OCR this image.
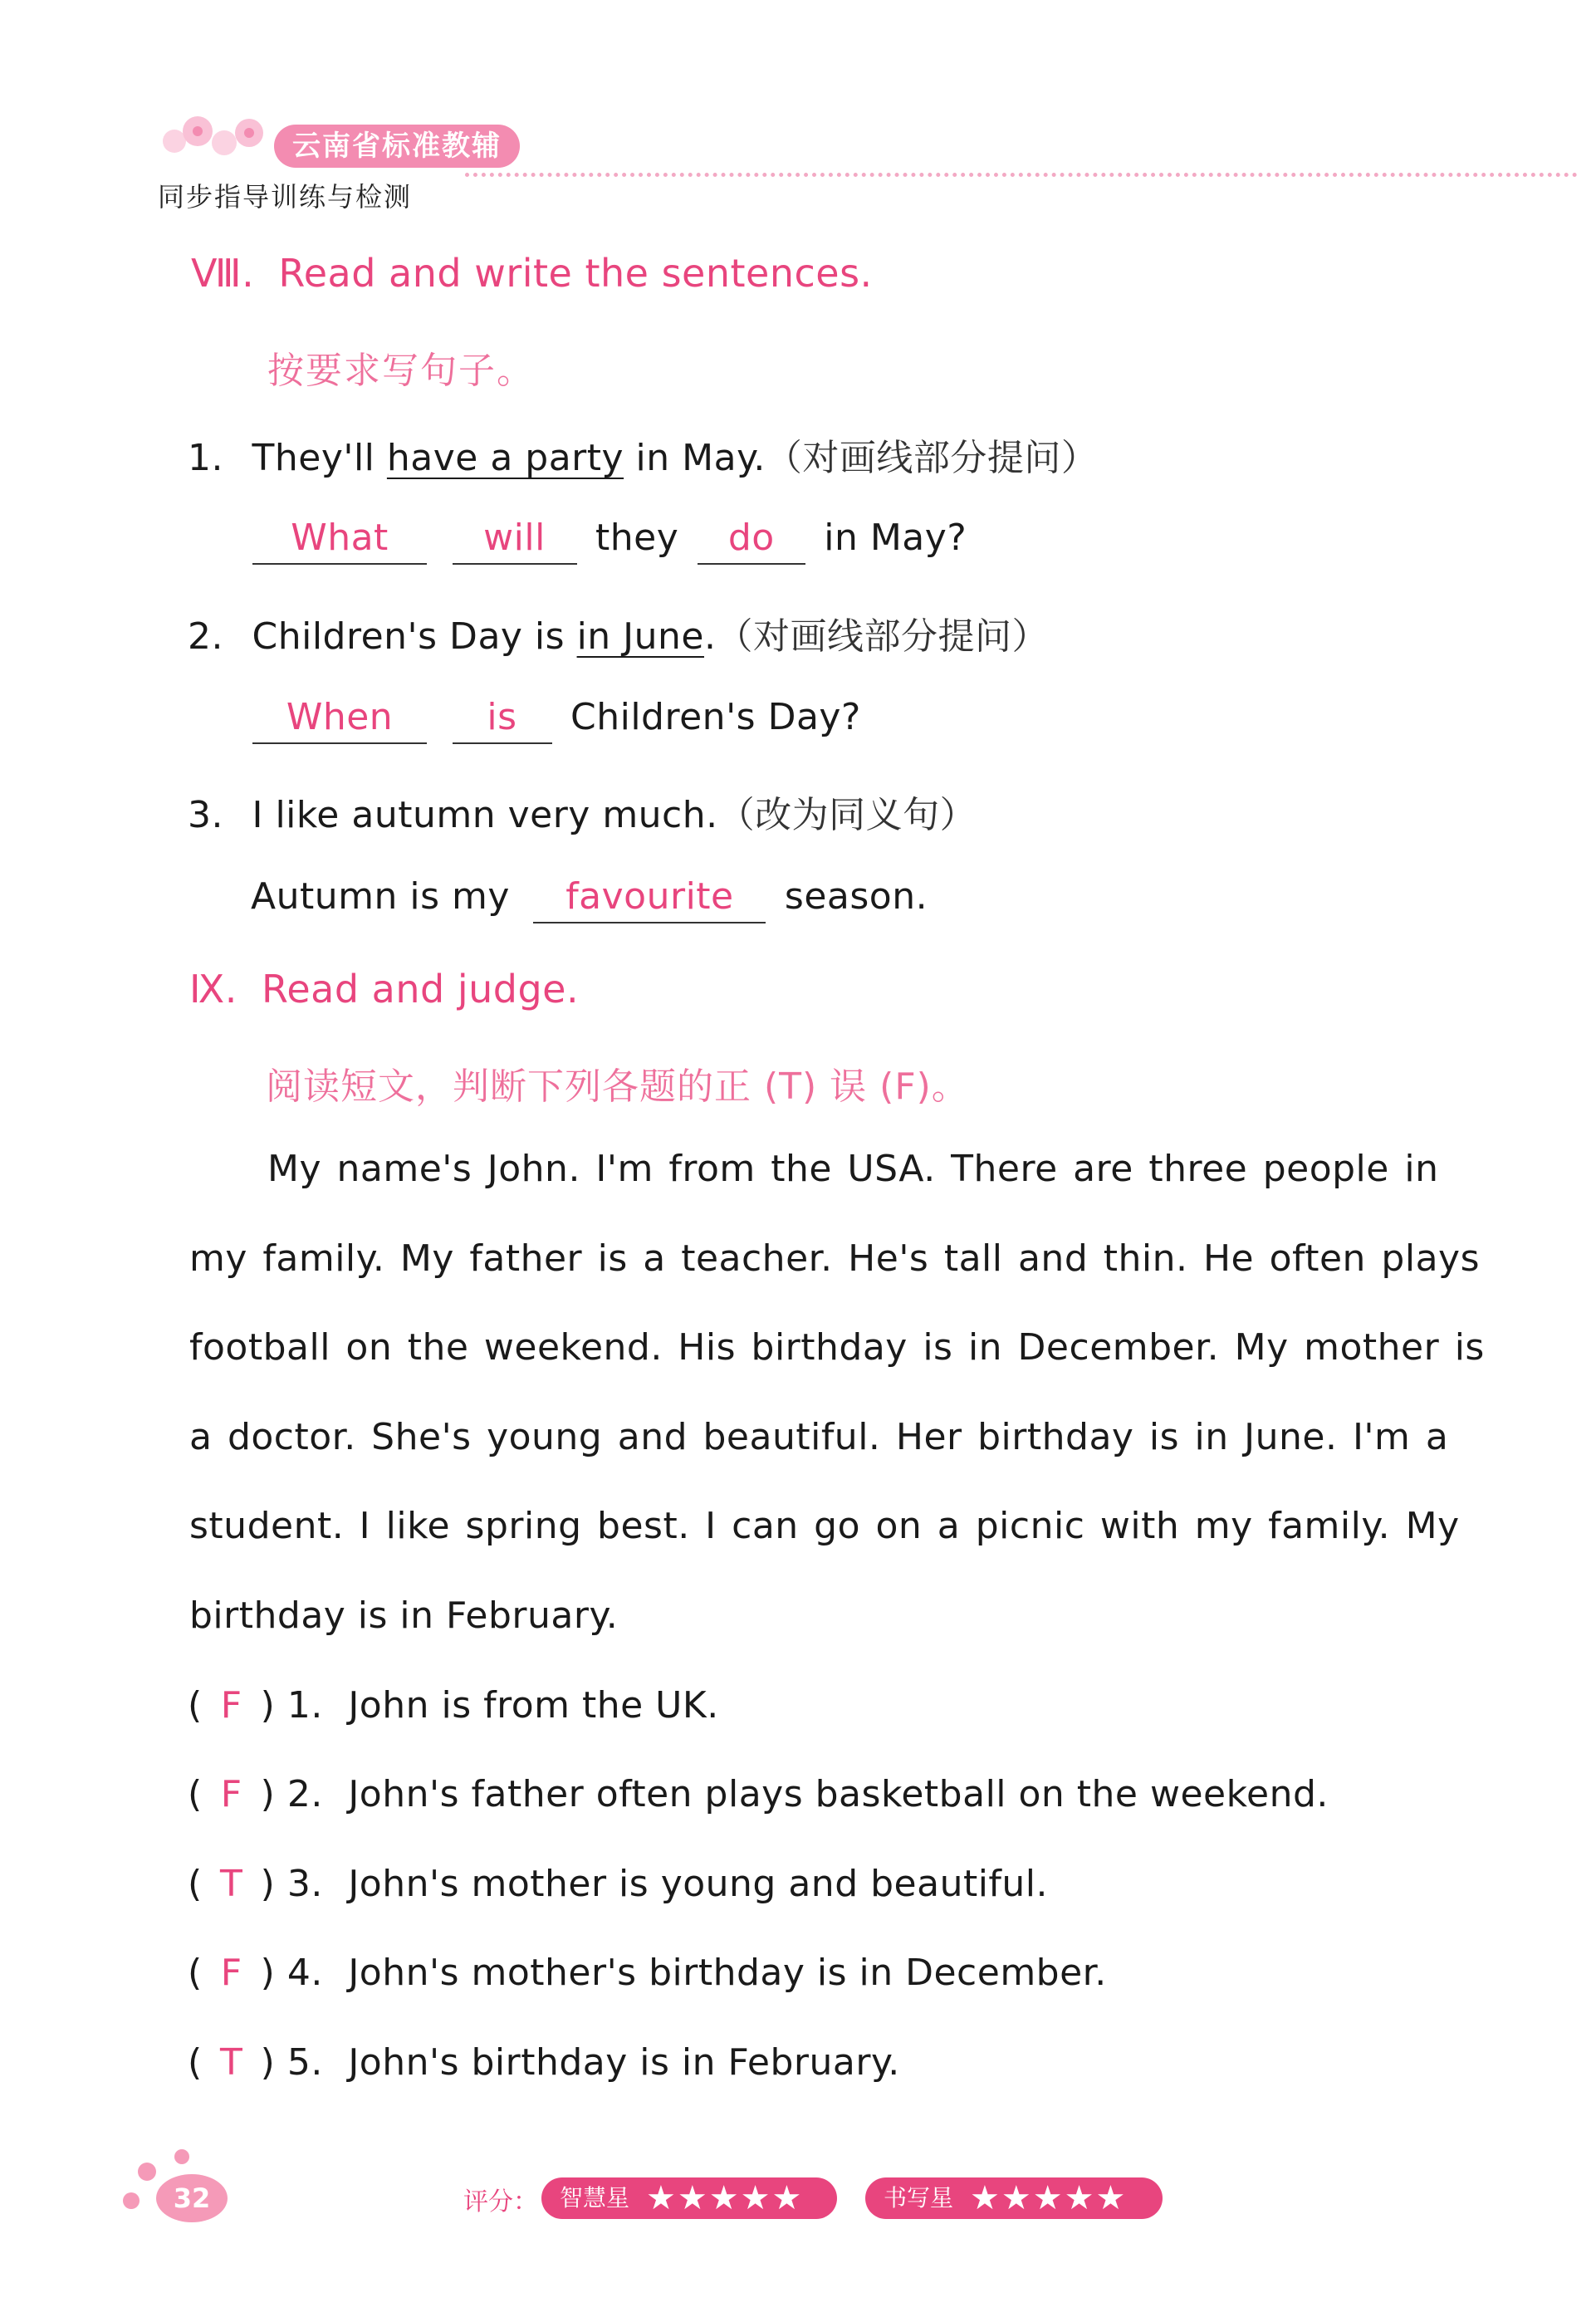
云南省标准教辅
同步指导训练与检测
Ⅷ. Read and write the sentences.
按要求写句子。
1. They'll have a party in May.（对画线部分提问）
What	will they do in May?
2. Children's Day is in June.（对画线部分提问）
When	is Children's Day?
3. I like autumn very much.（改为同义句）
Autumn is my favourite season.
Ⅸ. Read and judge.
阅读短文，判断下列各题的正 (T) 误 (F)。
My name's John. I'm from the USA. There are three people in
my family. My father is a teacher. He's tall and thin. He often plays
football on the weekend. His birthday is in December. My mother is
a doctor. She's young and beautiful. Her birthday is in June. I'm a
student. I like spring best. I can go on a picnic with my family. My
birthday is in February.
( F ) 1. John is from the UK.
( F ) 2. John's father often plays basketball on the weekend.
( T ) 3. John's mother is young and beautiful.
( F ) 4. John's mother's birthday is in December.
( T ) 5. John's birthday is in February.
32	评分： 智慧星 ★★★★★	书写星 ★★★★★
